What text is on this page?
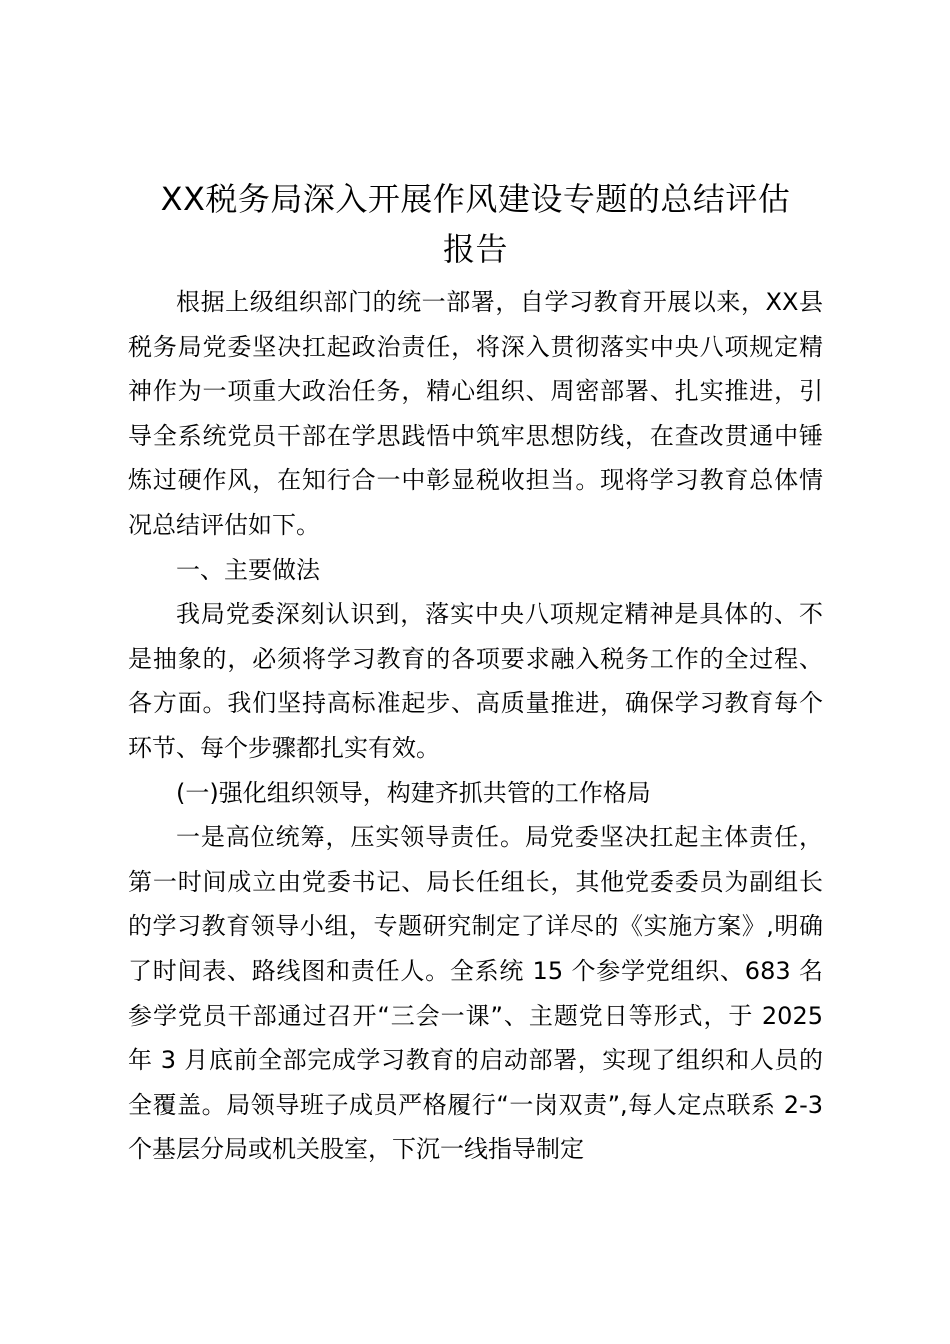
XX税务局深入开展作风建设专题的总结评估
报告

根据上级组织部门的统一部署，自学习教育开展以来，XX县税务局党委坚决扛起政治责任，将深入贯彻落实中央八项规定精神作为一项重大政治任务，精心组织、周密部署、扎实推进，引导全系统党员干部在学思践悟中筑牢思想防线，在查改贯通中锤炼过硬作风，在知行合一中彰显税收担当。现将学习教育总体情况总结评估如下。

一、主要做法

我局党委深刻认识到，落实中央八项规定精神是具体的、不是抽象的，必须将学习教育的各项要求融入税务工作的全过程、各方面。我们坚持高标准起步、高质量推进，确保学习教育每个环节、每个步骤都扎实有效。

(一)强化组织领导，构建齐抓共管的工作格局

一是高位统筹，压实领导责任。局党委坚决扛起主体责任，第一时间成立由党委书记、局长任组长，其他党委委员为副组长的学习教育领导小组，专题研究制定了详尽的《实施方案》,明确了时间表、路线图和责任人。全系统 15 个参学党组织、683 名参学党员干部通过召开“三会一课”、主题党日等形式，于 2025 年 3 月底前全部完成学习教育的启动部署，实现了组织和人员的全覆盖。局领导班子成员严格履行“一岗双责”,每人定点联系 2-3 个基层分局或机关股室，下沉一线指导制定
